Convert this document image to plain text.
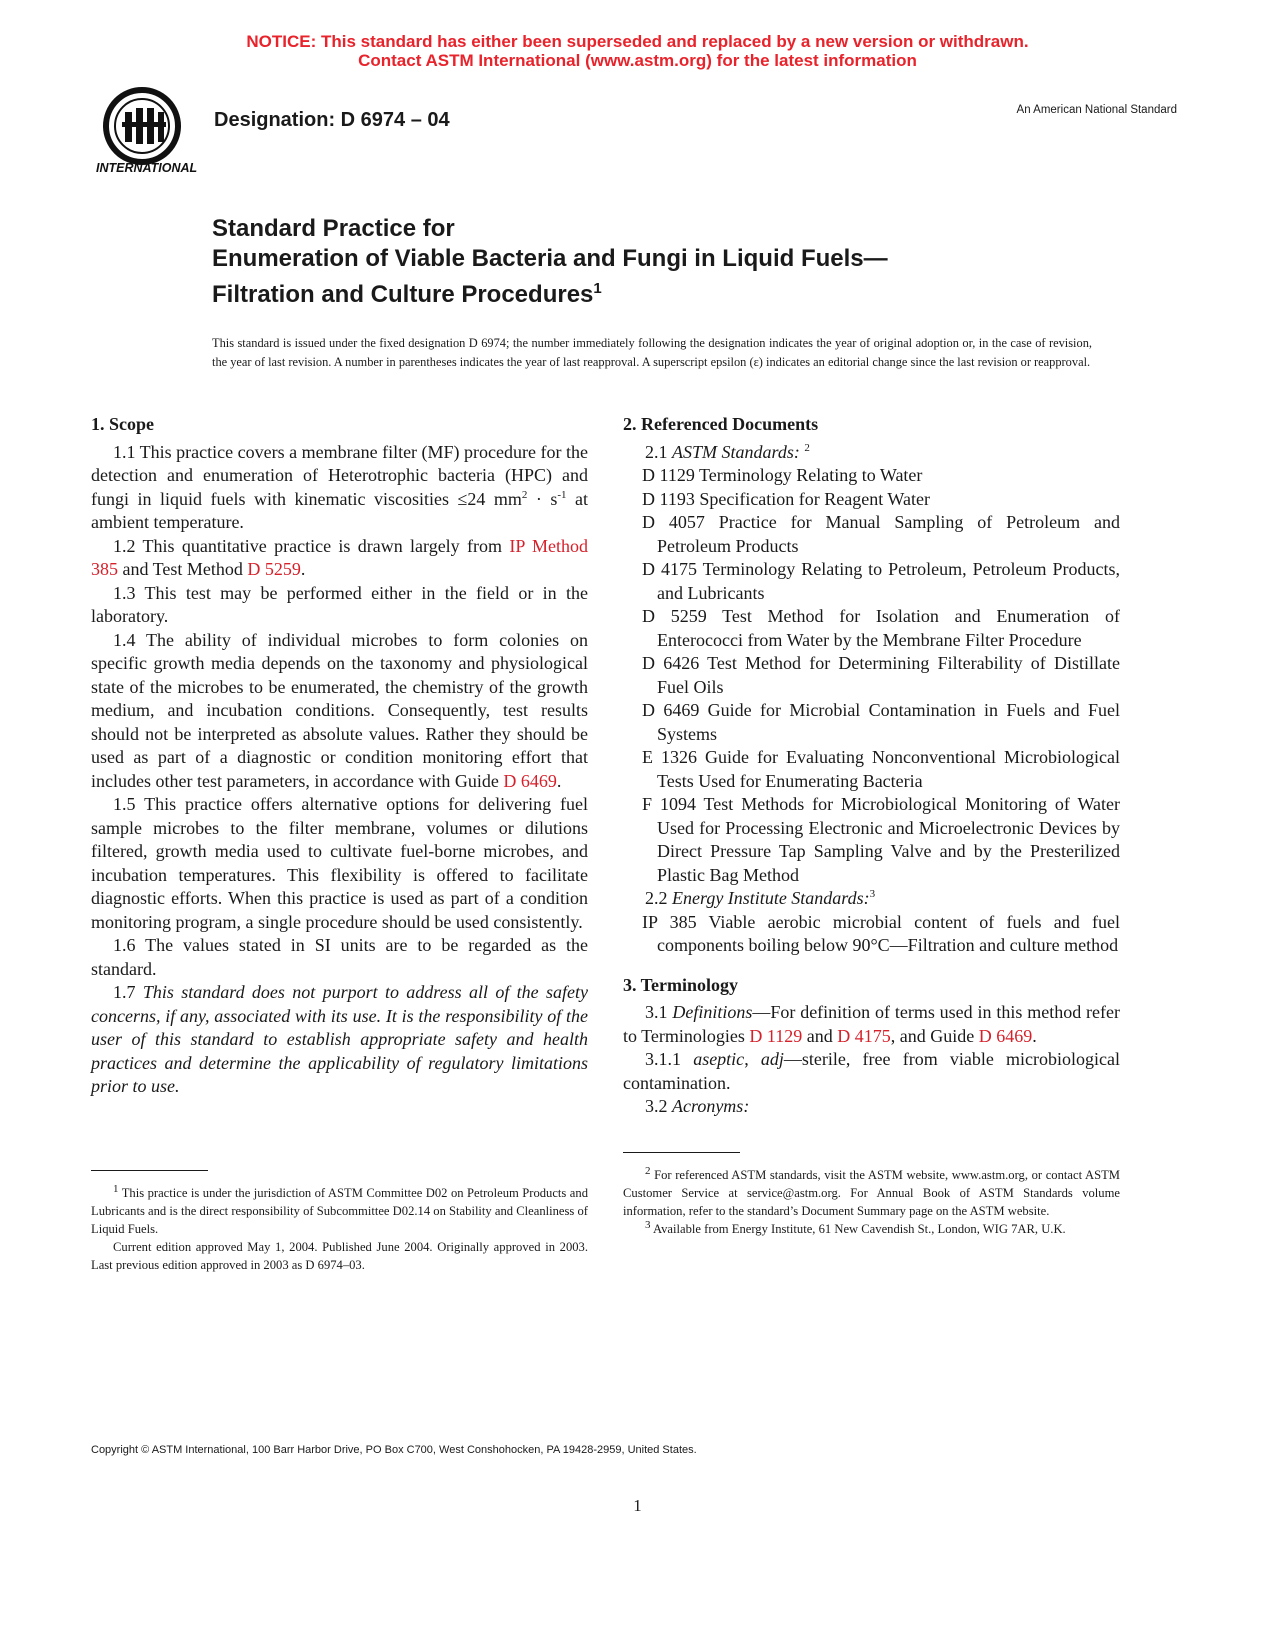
NOTICE: This standard has either been superseded and replaced by a new version or withdrawn.
Contact ASTM International (www.astm.org) for the latest information
INTERNATIONAL
Designation: D 6974 – 04	An American National Standard
Standard Practice for
Enumeration of Viable Bacteria and Fungi in Liquid Fuels—
Filtration and Culture Procedures$^1$
This standard is issued under the fixed designation D 6974; the number immediately following the designation indicates the year of original adoption or, in the case of revision, the year of last revision. A number in parentheses indicates the year of last reapproval. A superscript epsilon (ε) indicates an editorial change since the last revision or reapproval.
1. Scope

1.1 This practice covers a membrane filter (MF) procedure for the detection and enumeration of Heterotrophic bacteria (HPC) and fungi in liquid fuels with kinematic viscosities ≤24 $mm^2 \cdot s^{-1}$ at ambient temperature.

1.2 This quantitative practice is drawn largely from IP Method 385 and Test Method D 5259.

1.3 This test may be performed either in the field or in the laboratory.

1.4 The ability of individual microbes to form colonies on specific growth media depends on the taxonomy and physiological state of the microbes to be enumerated, the chemistry of the growth medium, and incubation conditions. Consequently, test results should not be interpreted as absolute values. Rather they should be used as part of a diagnostic or condition monitoring effort that includes other test parameters, in accordance with Guide D 6469.

1.5 This practice offers alternative options for delivering fuel sample microbes to the filter membrane, volumes or dilutions filtered, growth media used to cultivate fuel-borne microbes, and incubation temperatures. This flexibility is offered to facilitate diagnostic efforts. When this practice is used as part of a condition monitoring program, a single procedure should be used consistently.

1.6 The values stated in SI units are to be regarded as the standard.

1.7 This standard does not purport to address all of the safety concerns, if any, associated with its use. It is the responsibility of the user of this standard to establish appropriate safety and health practices and determine the applicability of regulatory limitations prior to use.

2. Referenced Documents

2.1 ASTM Standards: $^2$

D 1129 Terminology Relating to Water

D 1193 Specification for Reagent Water

D 4057 Practice for Manual Sampling of Petroleum and Petroleum Products

D 4175 Terminology Relating to Petroleum, Petroleum Products, and Lubricants

D 5259 Test Method for Isolation and Enumeration of Enterococci from Water by the Membrane Filter Procedure

D 6426 Test Method for Determining Filterability of Distillate Fuel Oils

D 6469 Guide for Microbial Contamination in Fuels and Fuel Systems

E 1326 Guide for Evaluating Nonconventional Microbiological Tests Used for Enumerating Bacteria

F 1094 Test Methods for Microbiological Monitoring of Water Used for Processing Electronic and Microelectronic Devices by Direct Pressure Tap Sampling Valve and by the Presterilized Plastic Bag Method

2.2 Energy Institute Standards:$^3$

IP 385 Viable aerobic microbial content of fuels and fuel components boiling below 90°C—Filtration and culture method

3. Terminology

3.1 Definitions—For definition of terms used in this method refer to Terminologies D 1129 and D 4175, and Guide D 6469.

3.1.1 aseptic, adj—sterile, free from viable microbiological contamination.

3.2 Acronyms:

$^1$ This practice is under the jurisdiction of ASTM Committee D02 on Petroleum Products and Lubricants and is the direct responsibility of Subcommittee D02.14 on Stability and Cleanliness of Liquid Fuels.

Current edition approved May 1, 2004. Published June 2004. Originally approved in 2003. Last previous edition approved in 2003 as D 6974–03.

$^2$ For referenced ASTM standards, visit the ASTM website, www.astm.org, or contact ASTM Customer Service at service@astm.org. For Annual Book of ASTM Standards volume information, refer to the standard’s Document Summary page on the ASTM website.

$^3$ Available from Energy Institute, 61 New Cavendish St., London, WIG 7AR, U.K.

Copyright © ASTM International, 100 Barr Harbor Drive, PO Box C700, West Conshohocken, PA 19428-2959, United States.
1
